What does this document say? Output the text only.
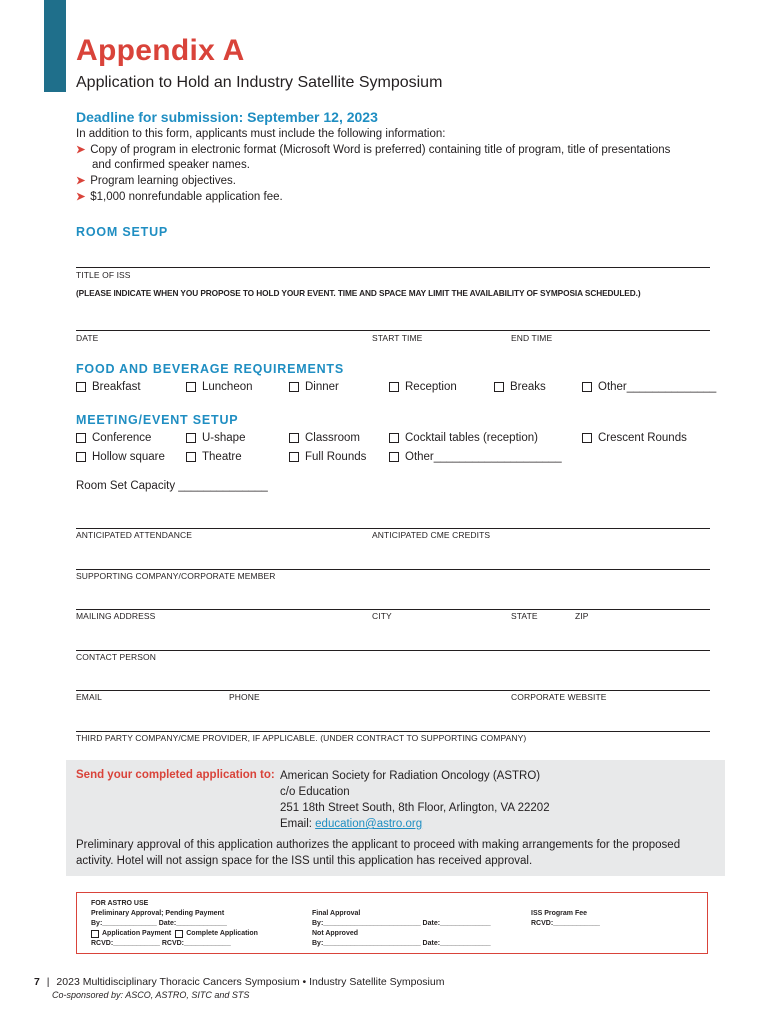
Appendix A
Application to Hold an Industry Satellite Symposium
Deadline for submission: September 12, 2023
In addition to this form, applicants must include the following information:
➤ Copy of program in electronic format (Microsoft Word is preferred) containing title of program, title of presentations
and confirmed speaker names.
➤ Program learning objectives.
➤ $1,000 nonrefundable application fee.
ROOM SETUP
TITLE OF ISS
(PLEASE INDICATE WHEN YOU PROPOSE TO HOLD YOUR EVENT. TIME AND SPACE MAY LIMIT THE AVAILABILITY OF SYMPOSIA SCHEDULED.)
DATE	START TIME	END TIME
FOOD AND BEVERAGE REQUIREMENTS
Breakfast	Luncheon	Dinner	Reception	Breaks	Other______________
MEETING/EVENT SETUP
Conference	U-shape	Classroom	Cocktail tables (reception)	Crescent Rounds
Hollow square	Theatre	Full Rounds	Other____________________
Room Set Capacity ______________
ANTICIPATED ATTENDANCE	ANTICIPATED CME CREDITS
SUPPORTING COMPANY/CORPORATE MEMBER
MAILING ADDRESS	CITY	STATE	ZIP
CONTACT PERSON
EMAIL	PHONE	CORPORATE WEBSITE
THIRD PARTY COMPANY/CME PROVIDER, IF APPLICABLE. (UNDER CONTRACT TO SUPPORTING COMPANY)
Send your completed application to: American Society for Radiation Oncology (ASTRO)
c/o Education
251 18th Street South, 8th Floor, Arlington, VA 22202
Email: education@astro.org
Preliminary approval of this application authorizes the applicant to proceed with making arrangements for the proposed activity. Hotel will not assign space for the ISS until this application has received approval.
FOR ASTRO USE
Preliminary Approval; Pending Payment
By:______________ Date:_____________
Application Payment Complete Application
RCVD:____________ RCVD:____________
Final Approval
By:_________________________ Date:_____________
Not Approved
By:_________________________ Date:_____________
ISS Program Fee
RCVD:____________
7 | 2023 Multidisciplinary Thoracic Cancers Symposium • Industry Satellite Symposium
Co-sponsored by: ASCO, ASTRO, SITC and STS
